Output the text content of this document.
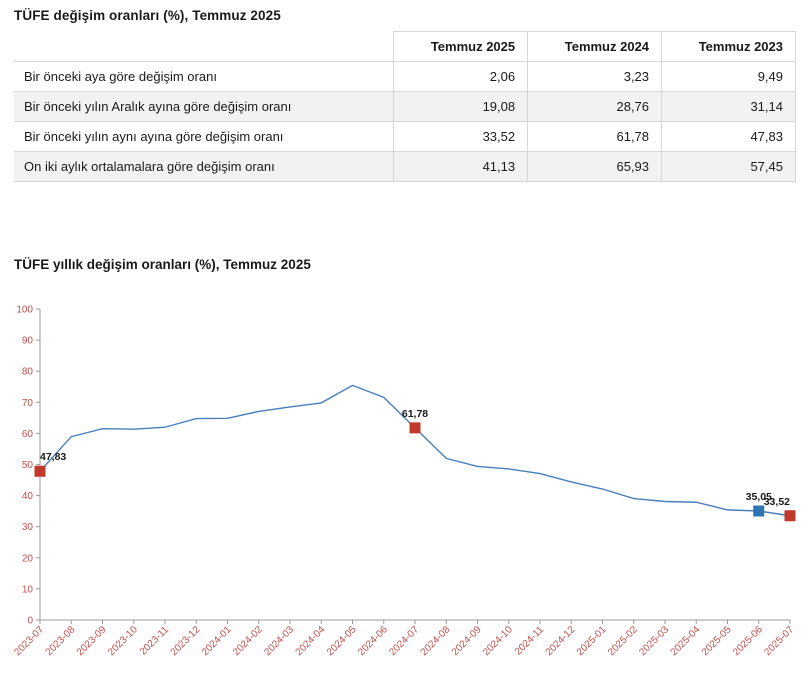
TÜFE değişim oranları (%), Temmuz 2025
	Temmuz 2025	Temmuz 2024	Temmuz 2023
Bir önceki aya göre değişim oranı	2,06	3,23	9,49
Bir önceki yılın Aralık ayına göre değişim oranı	19,08	28,76	31,14
Bir önceki yılın aynı ayına göre değişim oranı	33,52	61,78	47,83
On iki aylık ortalamalara göre değişim oranı	41,13	65,93	57,45
TÜFE yıllık değişim oranları (%), Temmuz 2025
0
10
20
30
40
50
60
70
80
90
100
2023-07
2023-08
2023-09
2023-10
2023-11
2023-12
2024-01
2024-02
2024-03
2024-04
2024-05
2024-06
2024-07
2024-08
2024-09
2024-10
2024-11
2024-12
2025-01
2025-02
2025-03
2025-04
2025-05
2025-06
2025-07
47,83
61,78
35,05
33,52
